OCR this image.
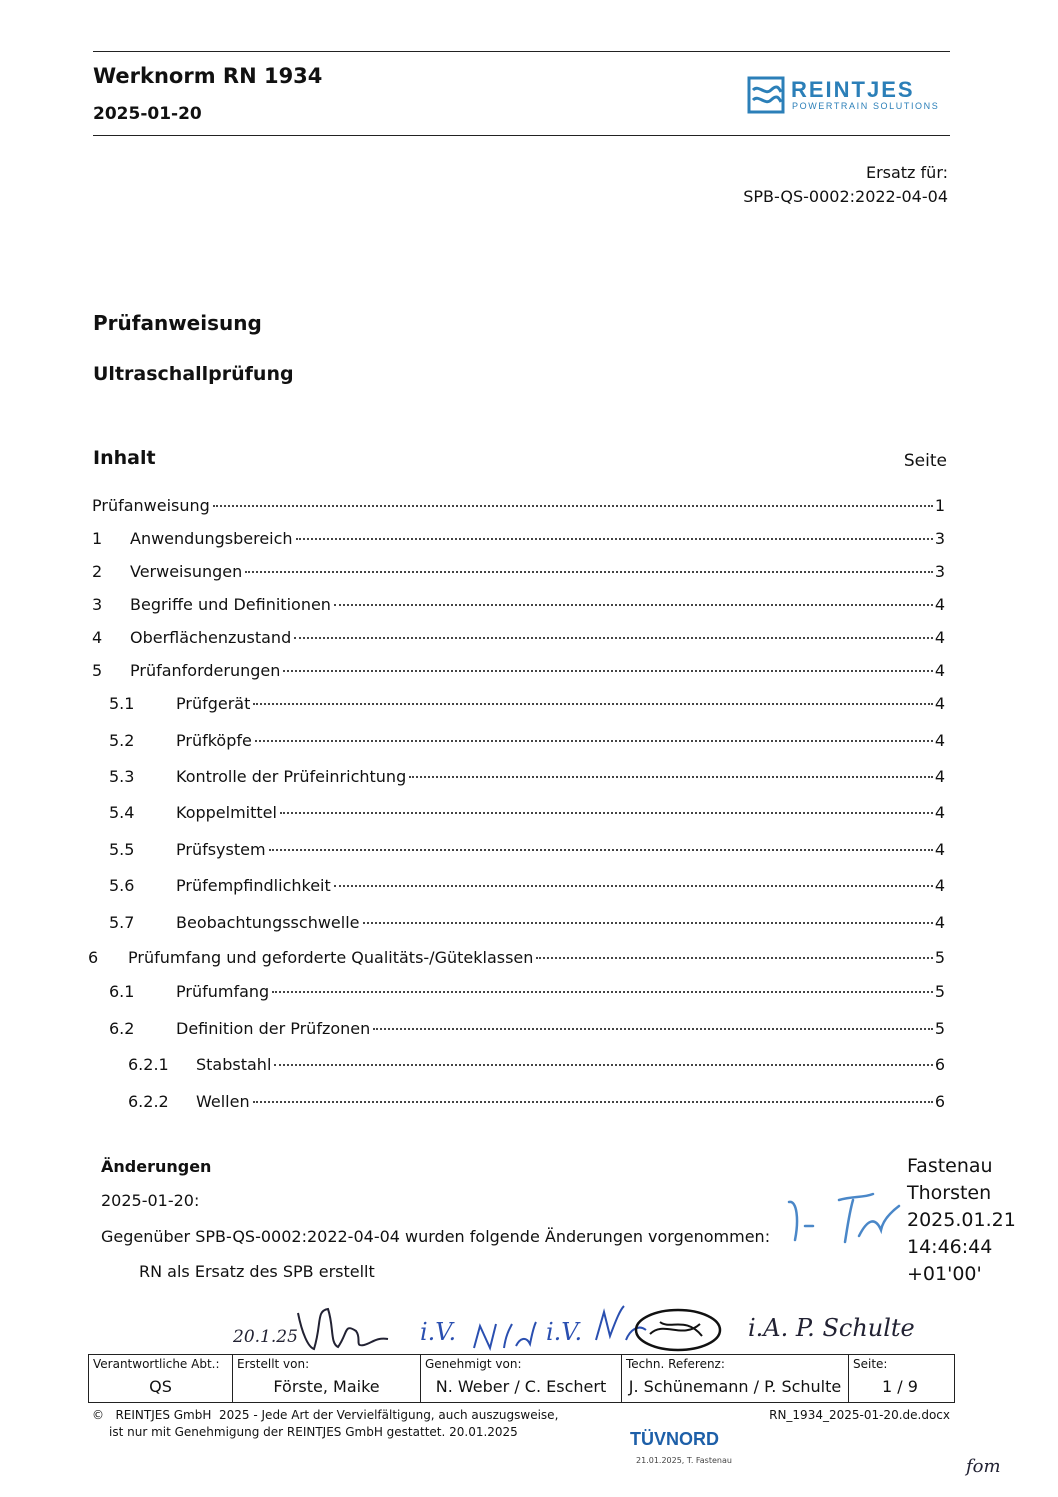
Werknorm RN 1934
2025-01-20
REINTJES
POWERTRAIN SOLUTIONS
Ersatz für:
SPB-QS-0002:2022-04-04
Prüfanweisung
Ultraschallprüfung
Inhalt	Seite
Prüfanweisung	1
1 Anwendungsbereich	3
2 Verweisungen	3
3 Begriffe und Definitionen	4
4 Oberflächenzustand	4
5 Prüfanforderungen	4
5.1	Prüfgerät	4
5.2	Prüfköpfe	4
5.3	Kontrolle der Prüfeinrichtung	4
5.4	Koppelmittel	4
5.5	Prüfsystem	4
5.6	Prüfempfindlichkeit	4
5.7	Beobachtungsschwelle	4
6 Prüfumfang und geforderte Qualitäts-/Güteklassen	5
6.1	Prüfumfang	5
6.2	Definition der Prüfzonen	5
6.2.1 Stabstahl	6
6.2.2 Wellen	6
Änderungen
2025-01-20:
Gegenüber SPB-QS-0002:2022-04-04 wurden folgende Änderungen vorgenommen:
RN als Ersatz des SPB erstellt
Fastenau
Thorsten
2025.01.21
14:46:44
+01'00'
20.1.25	i.V.	i.V.	i.A. P. Schulte
Verantwortliche Abt.:
QS
Erstellt von:
Förste, Maike
Genehmigt von:
N. Weber / C. Eschert
Techn. Referenz:
J. Schünemann / P. Schulte
Seite:
1 / 9
©   REINTJES GmbH  2025 - Jede Art der Vervielfältigung, auch auszugsweise,
ist nur mit Genehmigung der REINTJES GmbH gestattet. 20.01.2025
RN_1934_2025-01-20.de.docx
TÜVNORD
21.01.2025, T. Fastenau	fom
